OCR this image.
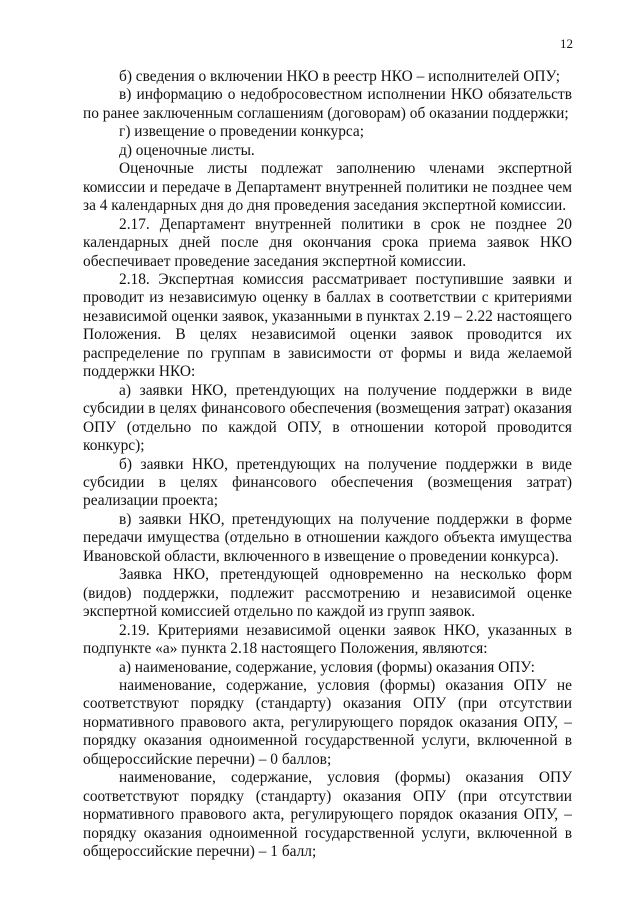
12

б) сведения о включении НКО в реестр НКО – исполнителей ОПУ;

в) информацию о недобросовестном исполнении НКО обязательств по ранее заключенным соглашениям (договорам) об оказании поддержки;

г) извещение о проведении конкурса;

д) оценочные листы.

Оценочные листы подлежат заполнению членами экспертной комиссии и передаче в Департамент внутренней политики не позднее чем за 4 календарных дня до дня проведения заседания экспертной комиссии.

2.17. Департамент внутренней политики в срок не позднее 20 календарных дней после дня окончания срока приема заявок НКО обеспечивает проведение заседания экспертной комиссии.

2.18. Экспертная комиссия рассматривает поступившие заявки и проводит из независимую оценку в баллах в соответствии с критериями независимой оценки заявок, указанными в пунктах 2.19 – 2.22 настоящего Положения. В целях независимой оценки заявок проводится их распределение по группам в зависимости от формы и вида желаемой поддержки НКО:

а) заявки НКО, претендующих на получение поддержки в виде субсидии в целях финансового обеспечения (возмещения затрат) оказания ОПУ (отдельно по каждой ОПУ, в отношении которой проводится конкурс);

б) заявки НКО, претендующих на получение поддержки в виде субсидии в целях финансового обеспечения (возмещения затрат) реализации проекта;

в) заявки НКО, претендующих на получение поддержки в форме передачи имущества (отдельно в отношении каждого объекта имущества Ивановской области, включенного в извещение о проведении конкурса).

Заявка НКО, претендующей одновременно на несколько форм (видов) поддержки, подлежит рассмотрению и независимой оценке экспертной комиссией отдельно по каждой из групп заявок.

2.19. Критериями независимой оценки заявок НКО, указанных в подпункте «а» пункта 2.18 настоящего Положения, являются:

а) наименование, содержание, условия (формы) оказания ОПУ:

наименование, содержание, условия (формы) оказания ОПУ не соответствуют порядку (стандарту) оказания ОПУ (при отсутствии нормативного правового акта, регулирующего порядок оказания ОПУ, – порядку оказания одноименной государственной услуги, включенной в общероссийские перечни) – 0 баллов;

наименование, содержание, условия (формы) оказания ОПУ соответствуют порядку (стандарту) оказания ОПУ (при отсутствии нормативного правового акта, регулирующего порядок оказания ОПУ, – порядку оказания одноименной государственной услуги, включенной в общероссийские перечни) – 1 балл;
